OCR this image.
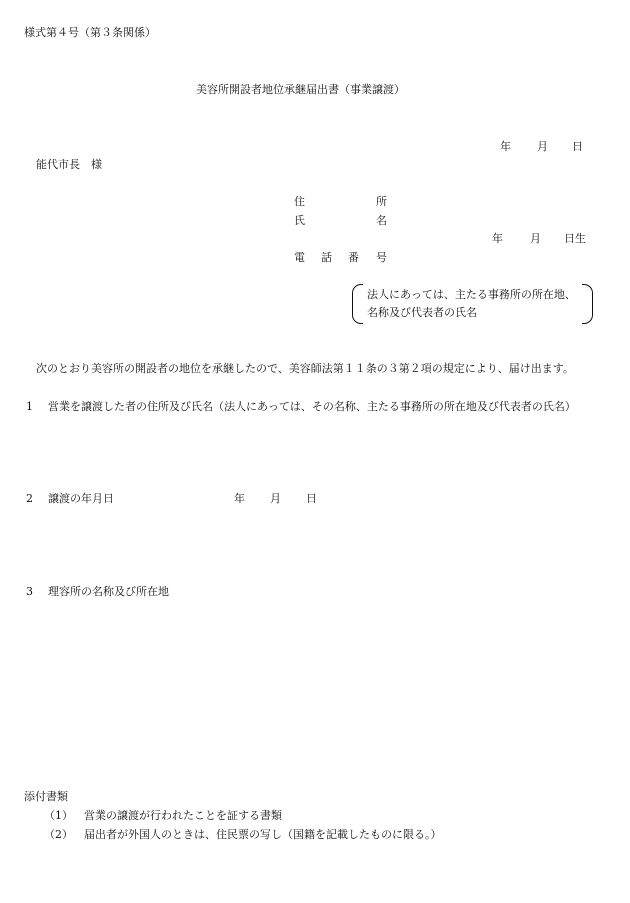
様式第４号（第３条関係）
美容所開設者地位承継届出書（事業譲渡）
年 月 日
能代市長　様
住	所
氏	名
年 月 日生
電 話 番 号
法人にあっては、主たる事務所の所在地、
名称及び代表者の氏名
次のとおり美容所の開設者の地位を承継したので、美容師法第１１条の３第２項の規定により、届け出ます。
1 営業を譲渡した者の住所及び氏名（法人にあっては、その名称、主たる事務所の所在地及び代表者の氏名）
2 譲渡の年月日	年 月 日
3 理容所の名称及び所在地
添付書類
（1） 営業の譲渡が行われたことを証する書類
（2） 届出者が外国人のときは、住民票の写し（国籍を記載したものに限る。）
